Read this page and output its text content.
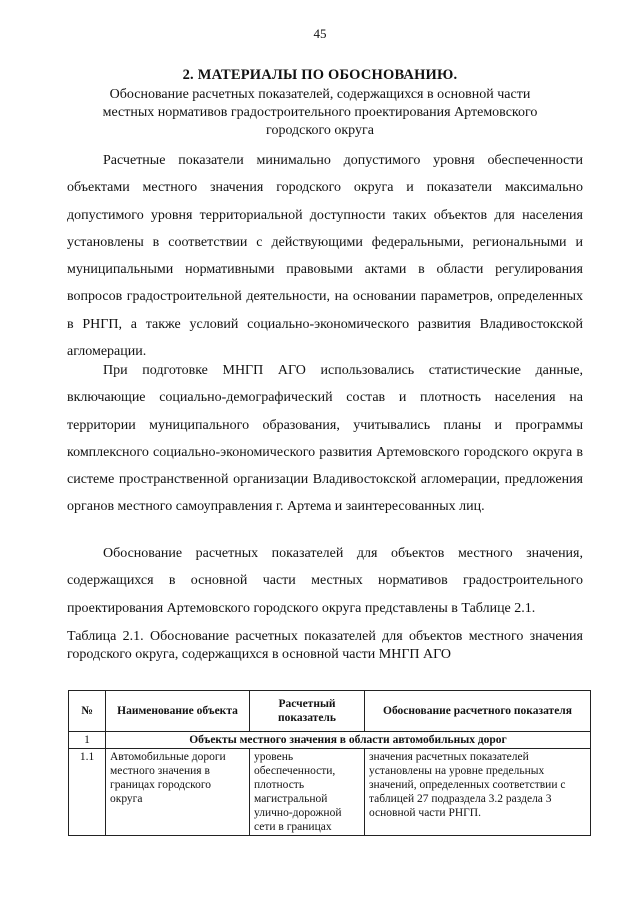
45
2. МАТЕРИАЛЫ ПО ОБОСНОВАНИЮ.
Обоснование расчетных показателей, содержащихся в основной части местных нормативов градостроительного проектирования Артемовского городского округа
Расчетные показатели минимально допустимого уровня обеспеченности объектами местного значения городского округа и показатели максимально допустимого уровня территориальной доступности таких объектов для населения установлены в соответствии с действующими федеральными, региональными и муниципальными нормативными правовыми актами в области регулирования вопросов градостроительной деятельности, на основании параметров, определенных в РНГП, а также условий социально-экономического развития Владивостокской агломерации.
При подготовке МНГП АГО использовались статистические данные, включающие социально-демографический состав и плотность населения на территории муниципального образования, учитывались планы и программы комплексного социально-экономического развития Артемовского городского округа в системе пространственной организации Владивостокской агломерации, предложения органов местного самоуправления г. Артема и заинтересованных лиц.
Обоснование расчетных показателей для объектов местного значения, содержащихся в основной части местных нормативов градостроительного проектирования Артемовского городского округа представлены в Таблице 2.1.
Таблица 2.1. Обоснование расчетных показателей для объектов местного значения городского округа, содержащихся в основной части МНГП АГО
№	Наименование объекта	Расчетный показатель	Обоснование расчетного показателя
1	Объекты местного значения в области автомобильных дорог		
1.1	Автомобильные дороги местного значения в границах городского округа	уровень обеспеченности, плотность магистральной улично-дорожной сети в границах	значения расчетных показателей установлены на уровне предельных значений, определенных соответствии с таблицей 27 подраздела 3.2 раздела 3 основной части РНГП.
